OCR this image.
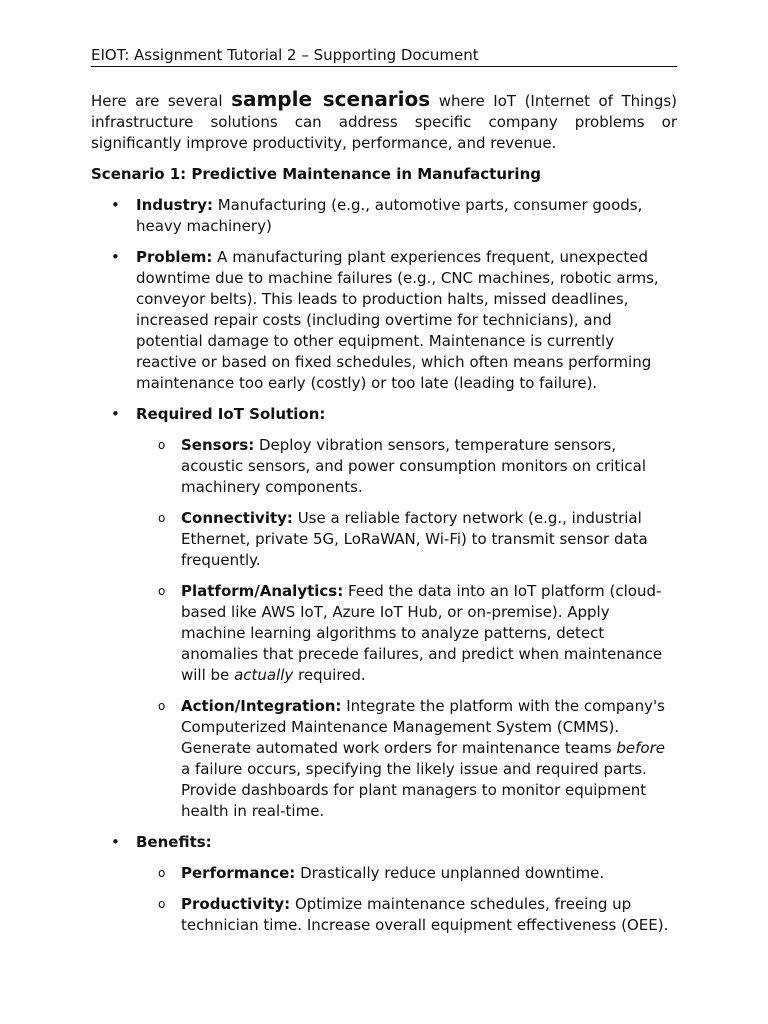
EIOT: Assignment Tutorial 2 – Supporting Document

Here are several sample scenarios where IoT (Internet of Things) infrastructure solutions can address specific company problems or significantly improve productivity, performance, and revenue.

Scenario 1: Predictive Maintenance in Manufacturing
• Industry: Manufacturing (e.g., automotive parts, consumer goods, heavy machinery)
• Problem: A manufacturing plant experiences frequent, unexpected downtime due to machine failures (e.g., CNC machines, robotic arms, conveyor belts). This leads to production halts, missed deadlines, increased repair costs (including overtime for technicians), and potential damage to other equipment. Maintenance is currently reactive or based on fixed schedules, which often means performing maintenance too early (costly) or too late (leading to failure).
• Required IoT Solution:
o Sensors: Deploy vibration sensors, temperature sensors, acoustic sensors, and power consumption monitors on critical machinery components.
o Connectivity: Use a reliable factory network (e.g., industrial Ethernet, private 5G, LoRaWAN, Wi-Fi) to transmit sensor data frequently.
o Platform/Analytics: Feed the data into an IoT platform (cloud-based like AWS IoT, Azure IoT Hub, or on-premise). Apply machine learning algorithms to analyze patterns, detect anomalies that precede failures, and predict when maintenance will be actually required.
o Action/Integration: Integrate the platform with the company's Computerized Maintenance Management System (CMMS). Generate automated work orders for maintenance teams before a failure occurs, specifying the likely issue and required parts. Provide dashboards for plant managers to monitor equipment health in real-time.
• Benefits:
o Performance: Drastically reduce unplanned downtime.
o Productivity: Optimize maintenance schedules, freeing up technician time. Increase overall equipment effectiveness (OEE).
